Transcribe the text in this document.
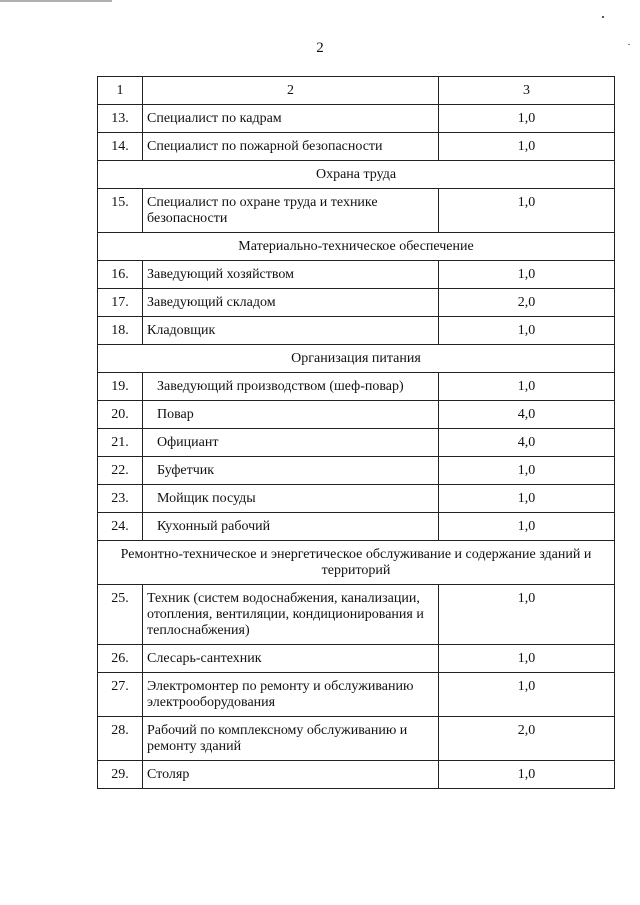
2
1	2	3
13.	Специалист по кадрам	1,0
14.	Специалист по пожарной безопасности	1,0
Охрана труда		
15.	Специалист по охране труда и технике безопасности	1,0
Материально-техническое обеспечение		
16.	Заведующий хозяйством	1,0
17.	Заведующий складом	2,0
18.	Кладовщик	1,0
Организация питания		
19.	Заведующий производством (шеф-повар)	1,0
20.	Повар	4,0
21.	Официант	4,0
22.	Буфетчик	1,0
23.	Мойщик посуды	1,0
24.	Кухонный рабочий	1,0
Ремонтно-техническое и энергетическое обслуживание и содержание зданий и территорий		
25.	Техник (систем водоснабжения, канализации, отопления, вентиляции, кондиционирования и теплоснабжения)	1,0
26.	Слесарь-сантехник	1,0
27.	Электромонтер по ремонту и обслуживанию электрооборудования	1,0
28.	Рабочий по комплексному обслуживанию и ремонту зданий	2,0
29.	Столяр	1,0
